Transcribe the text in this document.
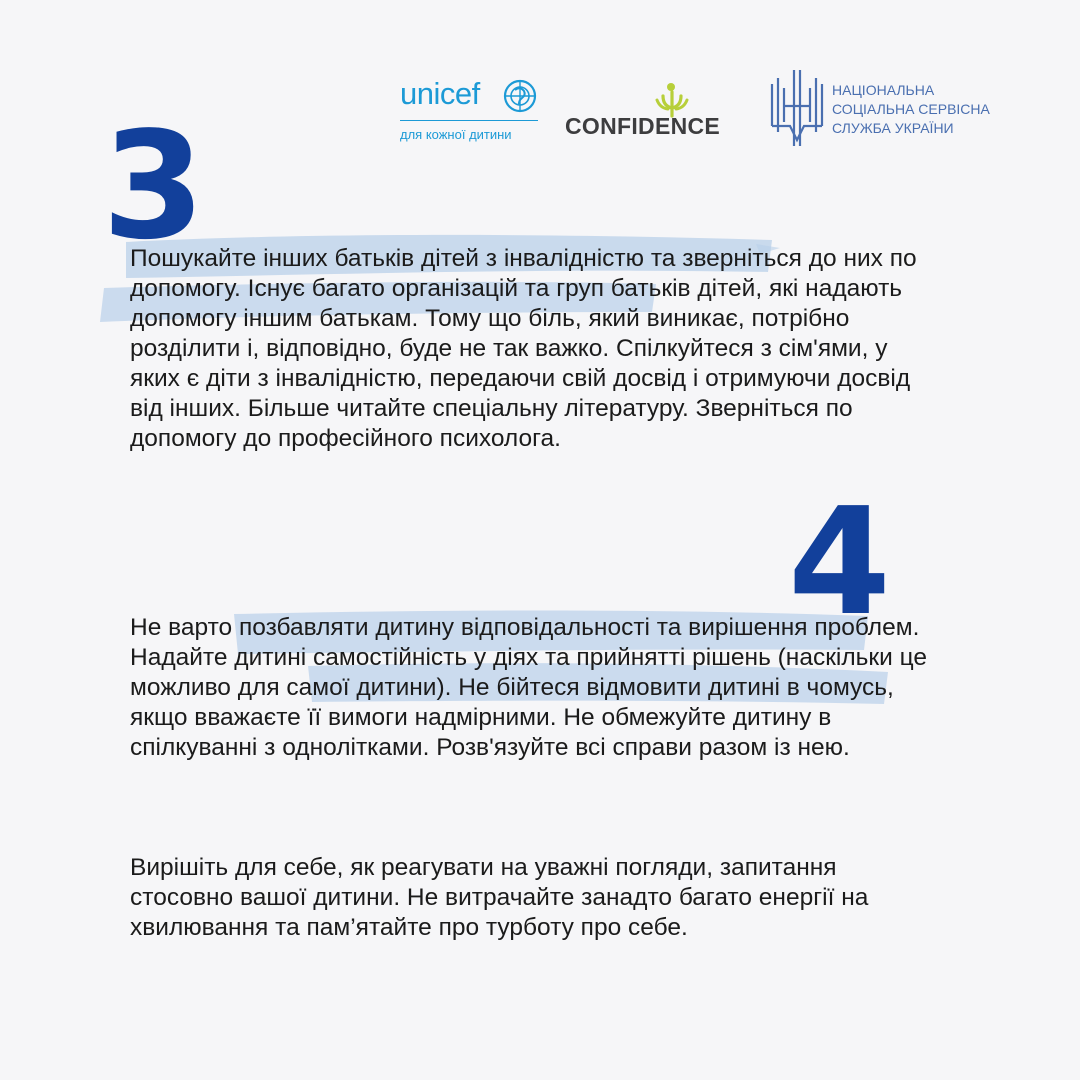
unicef
для кожної дитини CONFIDENCE
НАЦІОНАЛЬНА
СОЦІАЛЬНА СЕРВІСНА
СЛУЖБА УКРАЇНИ
3

Пошукайте інших батьків дітей з інвалідністю та зверніться до них по допомогу. Існує багато організацій та груп батьків дітей, які надають допомогу іншим батькам. Тому що біль, який виникає, потрібно розділити і, відповідно, буде не так важко. Спілкуйтеся з сім'ями, у яких є діти з інвалідністю, передаючи свій досвід і отримуючи досвід від інших. Більше читайте спеціальну літературу. Зверніться по допомогу до професійного психолога.

4

Не варто позбавляти дитину відповідальності та вирішення проблем. Надайте дитині самостійність у діях та прийнятті рішень (наскільки це можливо для самої дитини). Не бійтеся відмовити дитині в чомусь, якщо вважаєте її вимоги надмірними. Не обмежуйте дитину в спілкуванні з однолітками. Розв'язуйте всі справи разом із нею.

Вирішіть для себе, як реагувати на уважні погляди, запитання стосовно вашої дитини. Не витрачайте занадто багато енергії на хвилювання та пам’ятайте про турботу про себе.
